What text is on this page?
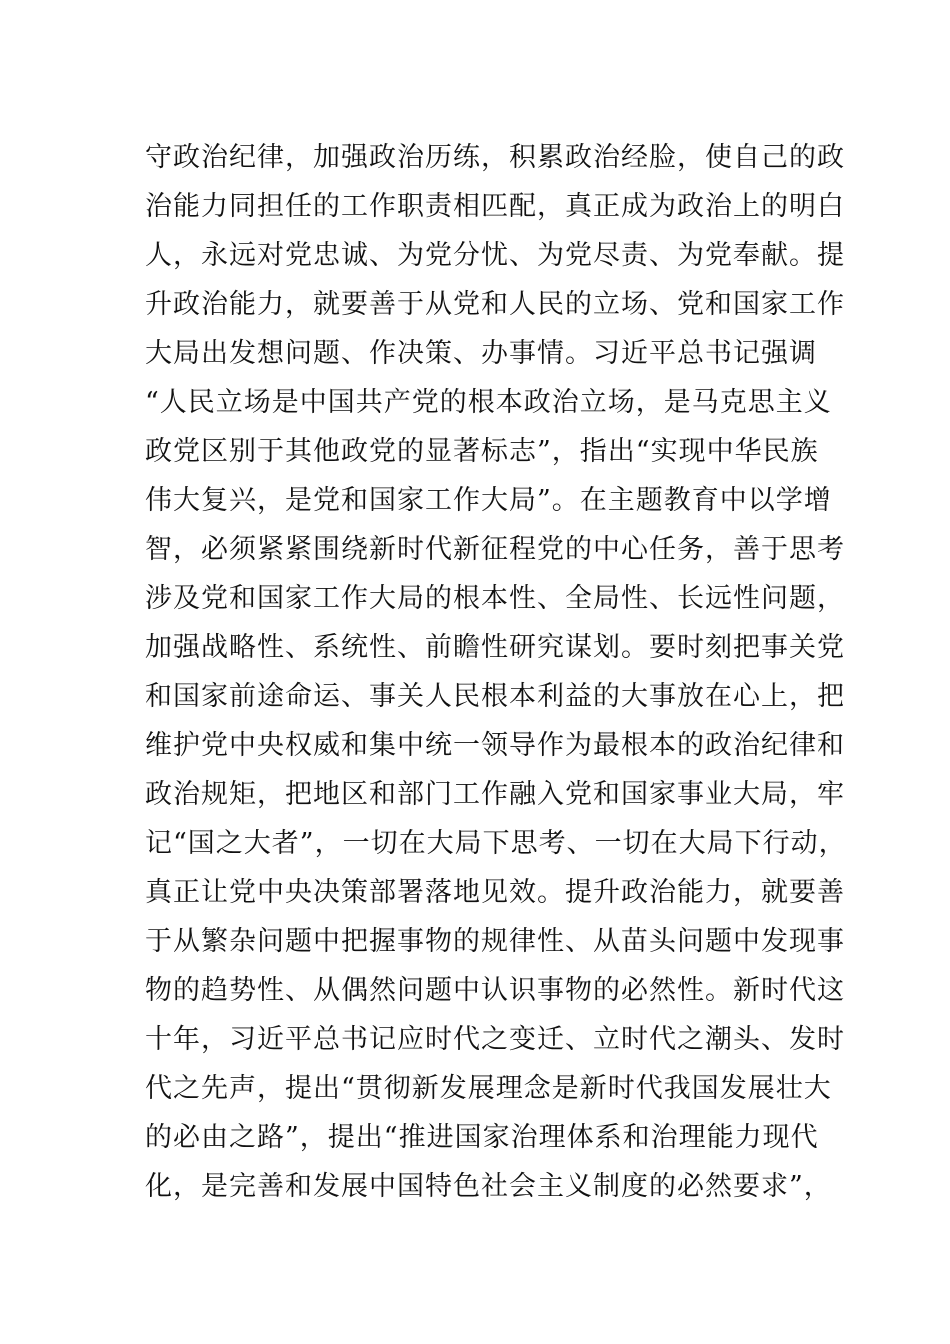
守政治纪律，加强政治历练，积累政治经脸，使自己的政
治能力同担任的工作职责相匹配，真正成为政治上的明白
人，永远对党忠诚、为党分忧、为党尽责、为党奉献。提
升政治能力，就要善于从党和人民的立场、党和国家工作
大局出发想问题、作决策、办事情。习近平总书记强调
“人民立场是中国共产党的根本政治立场，是马克思主义
政党区别于其他政党的显著标志”，指出“实现中华民族
伟大复兴，是党和国家工作大局”。在主题教育中以学增
智，必须紧紧围绕新时代新征程党的中心任务，善于思考
涉及党和国家工作大局的根本性、全局性、长远性问题，
加强战略性、系统性、前瞻性研究谋划。要时刻把事关党
和国家前途命运、事关人民根本利益的大事放在心上，把
维护党中央权威和集中统一领导作为最根本的政治纪律和
政治规矩，把地区和部门工作融入党和国家事业大局，牢
记“国之大者”，一切在大局下思考、一切在大局下行动，
真正让党中央决策部署落地见效。提升政治能力，就要善
于从繁杂问题中把握事物的规律性、从苗头问题中发现事
物的趋势性、从偶然问题中认识事物的必然性。新时代这
十年，习近平总书记应时代之变迁、立时代之潮头、发时
代之先声，提出“贯彻新发展理念是新时代我国发展壮大
的必由之路”，提出“推进国家治理体系和治理能力现代
化，是完善和发展中国特色社会主义制度的必然要求”，
